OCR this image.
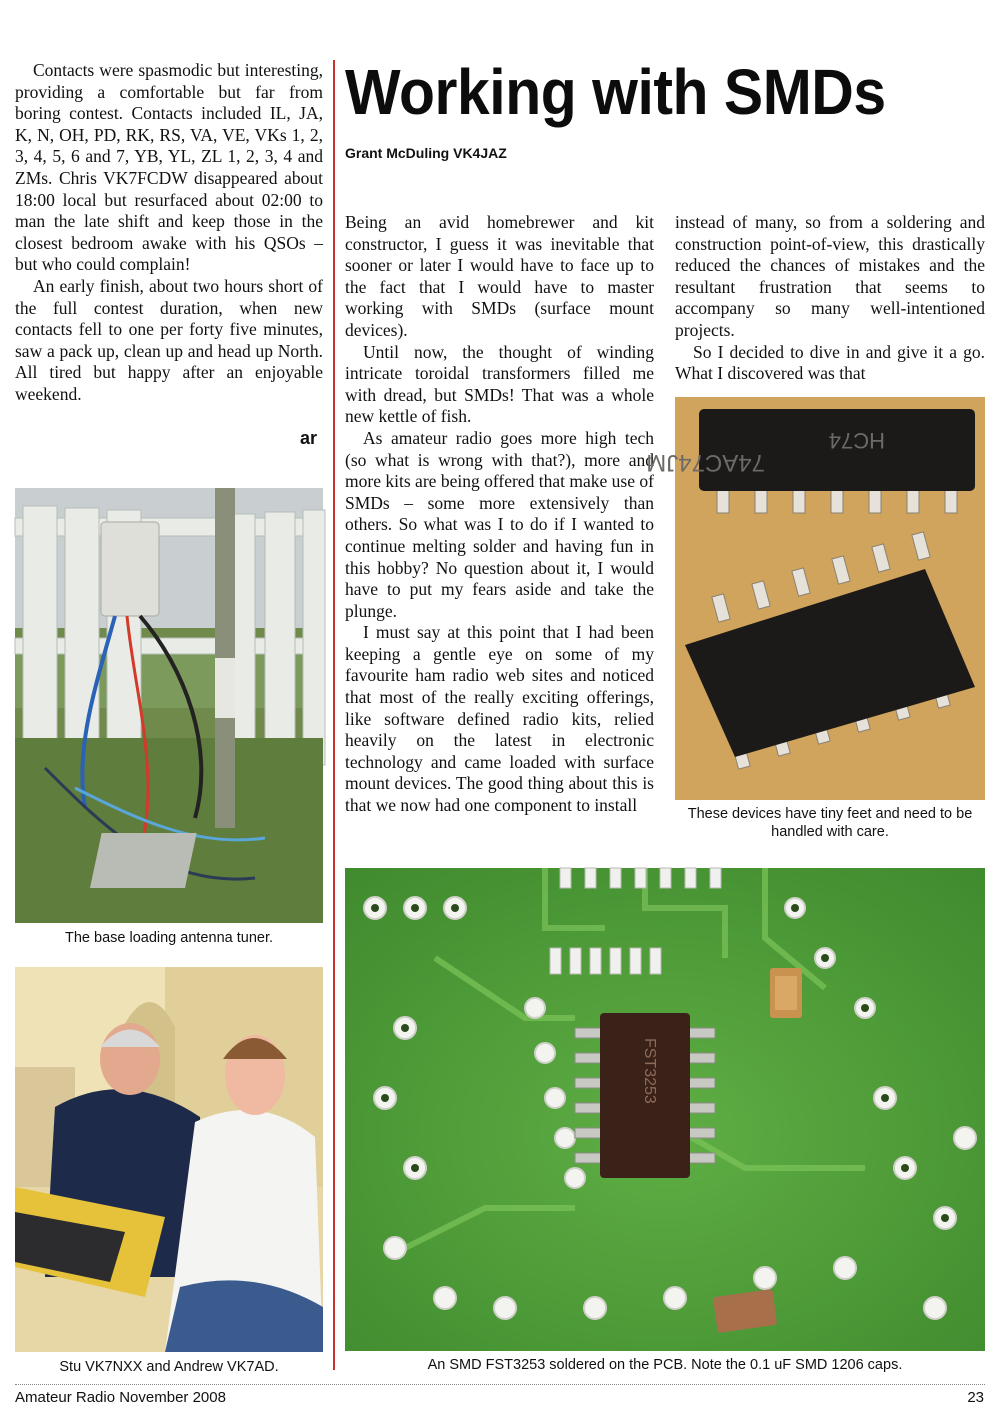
Contacts were spasmodic but interesting, providing a comfortable but far from boring contest. Contacts included IL, JA, K, N, OH, PD, RK, RS, VA, VE, VKs 1, 2, 3, 4, 5, 6 and 7, YB, YL, ZL 1, 2, 3, 4 and ZMs. Chris VK7FCDW disappeared about 18:00 local but resurfaced about 02:00 to man the late shift and keep those in the closest bedroom awake with his QSOs – but who could complain!

An early finish, about two hours short of the full contest duration, when new contacts fell to one per forty five minutes, saw a pack up, clean up and head up North. All tired but happy after an enjoyable weekend.

ar
Working with SMDs
Grant McDuling VK4JAZ

Being an avid homebrewer and kit constructor, I guess it was inevitable that sooner or later I would have to face up to the fact that I would have to master working with SMDs (surface mount devices).

Until now, the thought of winding intricate toroidal transformers filled me with dread, but SMDs! That was a whole new kettle of fish.

As amateur radio goes more high tech (so what is wrong with that?), more and more kits are being offered that make use of SMDs – some more extensively than others. So what was I to do if I wanted to continue melting solder and having fun in this hobby? No question about it, I would have to put my fears aside and take the plunge.

I must say at this point that I had been keeping a gentle eye on some of my favourite ham radio web sites and noticed that most of the really exciting offerings, like software defined radio kits, relied heavily on the latest in electronic technology and came loaded with surface mount devices. The good thing about this is that we now had one component to install

instead of many, so from a soldering and construction point-of-view, this drastically reduced the chances of mistakes and the resultant frustration that seems to accompany so many well-intentioned projects.

So I decided to dive in and give it a go. What I discovered was that

The base loading antenna tuner.
Stu VK7NXX and Andrew VK7AD.
HC74
74AC74JM
These devices have tiny feet and need to be handled with care.
FST3253
An SMD FST3253 soldered on the PCB. Note the 0.1 uF SMD 1206 caps.
Amateur Radio November 2008	23
